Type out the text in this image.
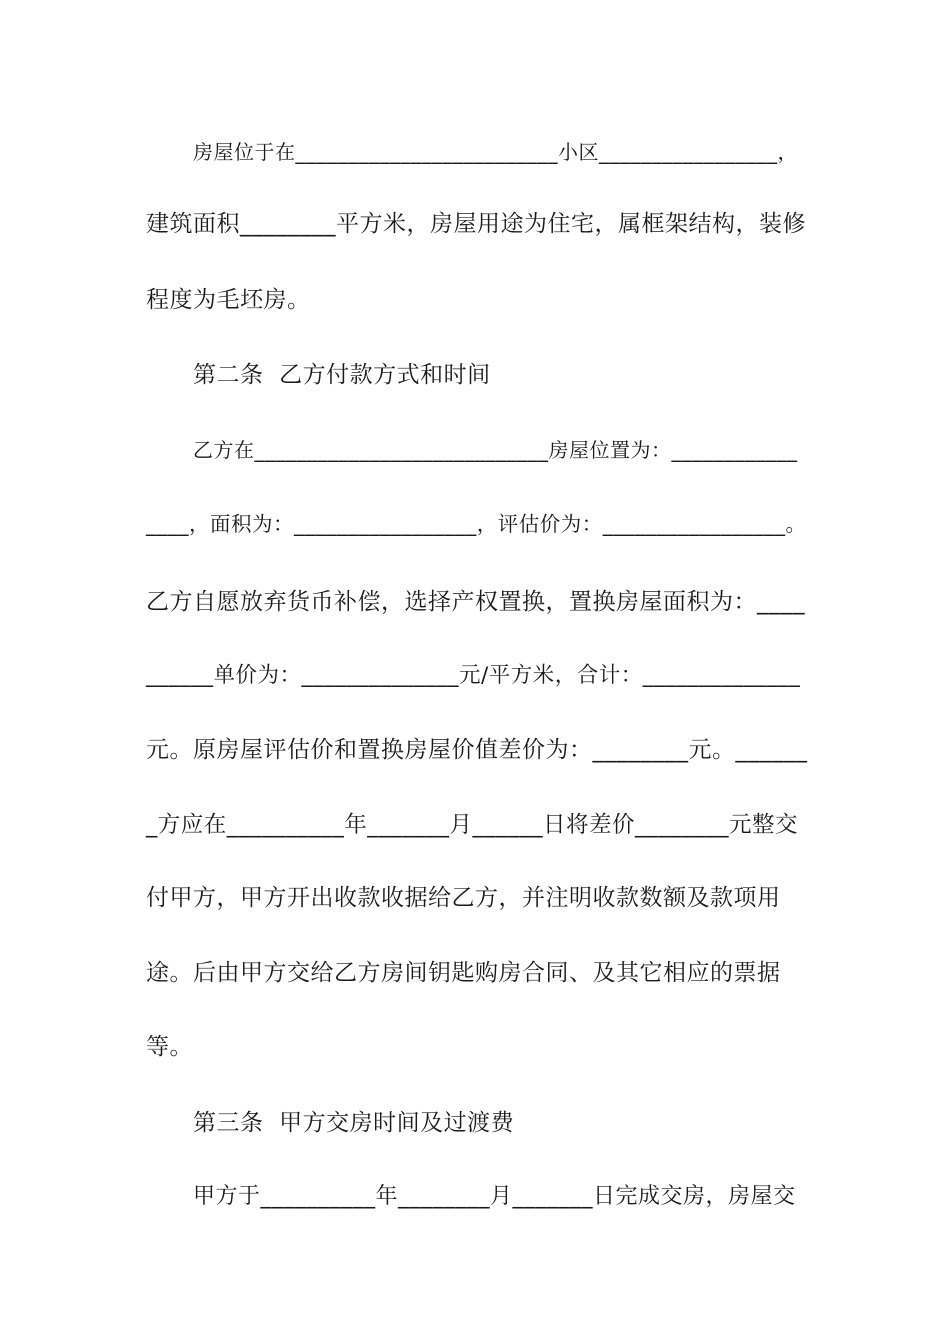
房屋位于在_________________________小区_________________，
建筑面积________平方米，房屋用途为住宅，属框架结构，装修
程度为毛坯房。
第二条  乙方付款方式和时间
乙方在____________________________房屋位置为：____________
____，面积为：_________________，评估价为：_________________。
乙方自愿放弃货币补偿，选择产权置换，置换房屋面积为：____
______单价为：______________元/平方米，合计：______________
元。原房屋评估价和置换房屋价值差价为：________元。______
_方应在__________年_______月______日将差价________元整交
付甲方，甲方开出收款收据给乙方，并注明收款数额及款项用
途。后由甲方交给乙方房间钥匙购房合同、及其它相应的票据
等。
第三条  甲方交房时间及过渡费
甲方于__________年________月_______日完成交房，房屋交
